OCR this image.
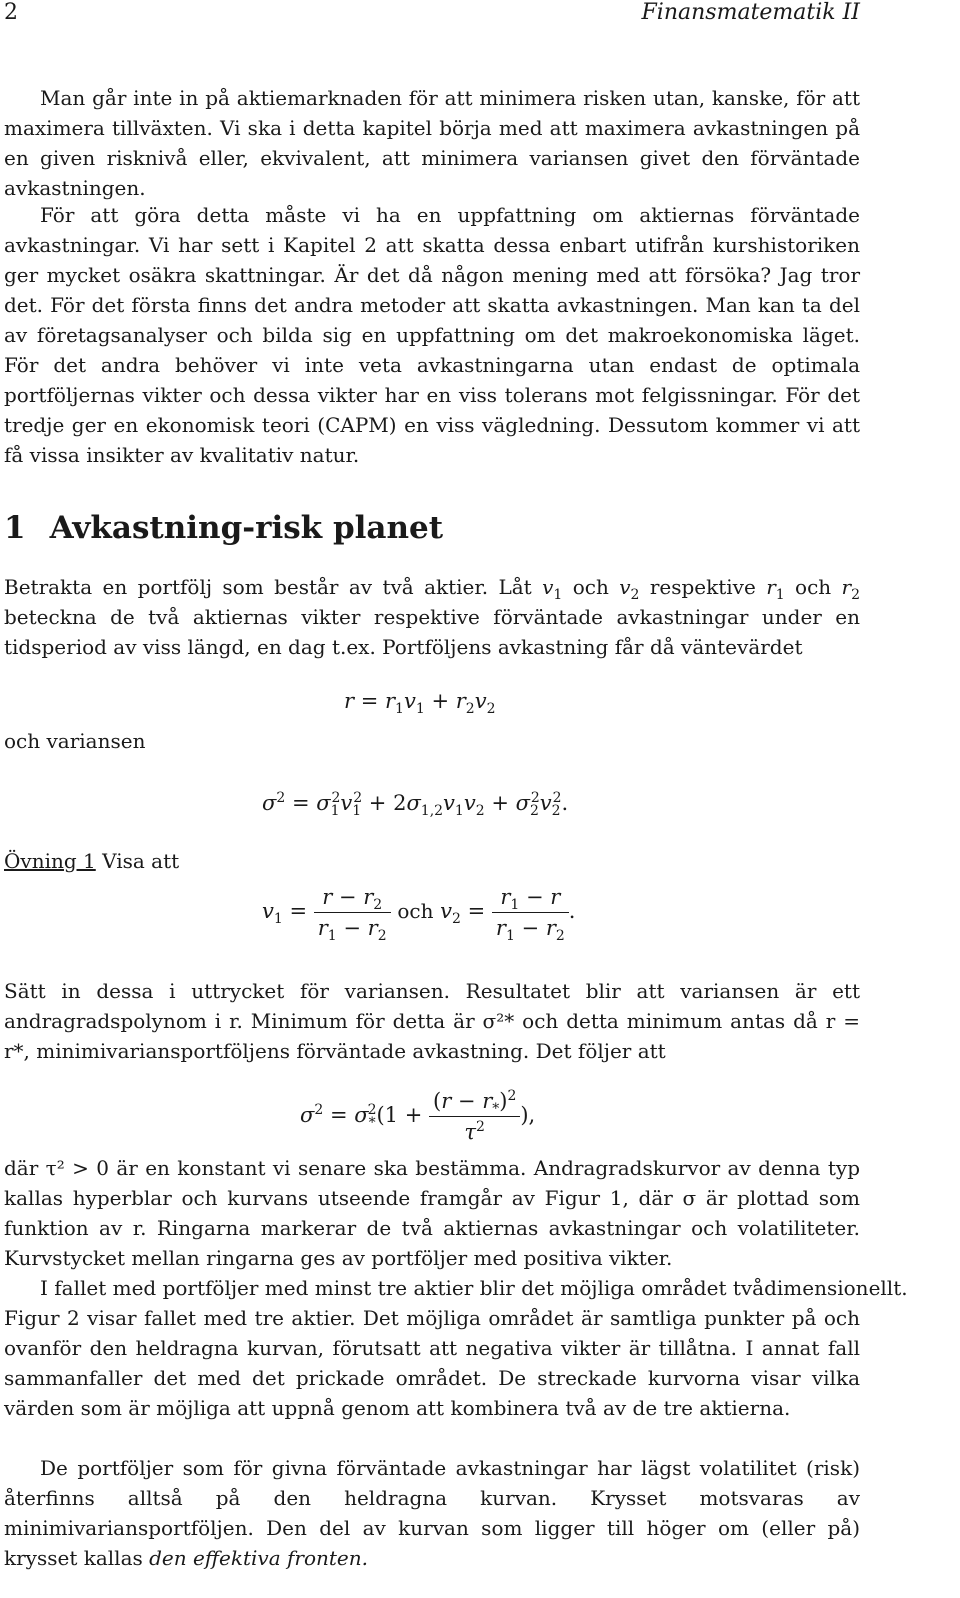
2	Finansmatematik II
Man går inte in på aktiemarknaden för att minimera risken utan, kanske, för att maximera tillväxten. Vi ska i detta kapitel börja med att maximera avkastningen på en given risknivå eller, ekvivalent, att minimera variansen givet den förväntade avkastningen.
För att göra detta måste vi ha en uppfattning om aktiernas förväntade avkastningar. Vi har sett i Kapitel 2 att skatta dessa enbart utifrån kurshistoriken ger mycket osäkra skattningar. Är det då någon mening med att försöka? Jag tror det. För det första finns det andra metoder att skatta avkastningen. Man kan ta del av företagsanalyser och bilda sig en uppfattning om det makroekonomiska läget. För det andra behöver vi inte veta avkastningarna utan endast de optimala portföljernas vikter och dessa vikter har en viss tolerans mot felgissningar. För det tredje ger en ekonomisk teori (CAPM) en viss vägledning. Dessutom kommer vi att få vissa insikter av kvalitativ natur.
1 Avkastning-risk planet
Betrakta en portfölj som består av två aktier. Låt $v_1$ och $v_2$ respektive $r_1$ och $r_2$ beteckna de två aktiernas vikter respektive förväntade avkastningar under en tidsperiod av viss längd, en dag t.ex. Portföljens avkastning får då väntevärdet
$r = r_1v_1 + r_2v_2$
och variansen
$\sigma^2 = \sigma_1^2v_1^2 + 2\sigma_{1,2}v_1v_2 + \sigma_2^2v_2^2$.
Övning 1 Visa att
$v_1 = \frac{r - r_2}{r_1 - r_2}$ och $v_2 = \frac{r_1 - r}{r_1 - r_2}$ .
Sätt in dessa i uttrycket för variansen. Resultatet blir att variansen är ett andragradspolynom i r. Minimum för detta är σ²* och detta minimum antas då r = r*, minimivariansportföljens förväntade avkastning. Det följer att
$\sigma^2 = \sigma_*^2(1 + \frac{(r - r_*)^2}{\tau^2}$ ),
där τ² > 0 är en konstant vi senare ska bestämma. Andragradskurvor av denna typ kallas hyperblar och kurvans utseende framgår av Figur 1, där σ är plottad som funktion av r. Ringarna markerar de två aktiernas avkastningar och volatiliteter. Kurvstycket mellan ringarna ges av portföljer med positiva vikter.
I fallet med portföljer med minst tre aktier blir det möjliga området tvådimensionellt.
Figur 2 visar fallet med tre aktier. Det möjliga området är samtliga punkter på och ovanför den heldragna kurvan, förutsatt att negativa vikter är tillåtna. I annat fall sammanfaller det med det prickade området. De streckade kurvorna visar vilka värden som är möjliga att uppnå genom att kombinera två av de tre aktierna.
De portföljer som för givna förväntade avkastningar har lägst volatilitet (risk) återfinns alltså på den heldragna kurvan. Krysset motsvaras av minimivariansportföljen. Den del av kurvan som ligger till höger om (eller på) krysset kallas den effektiva fronten.
